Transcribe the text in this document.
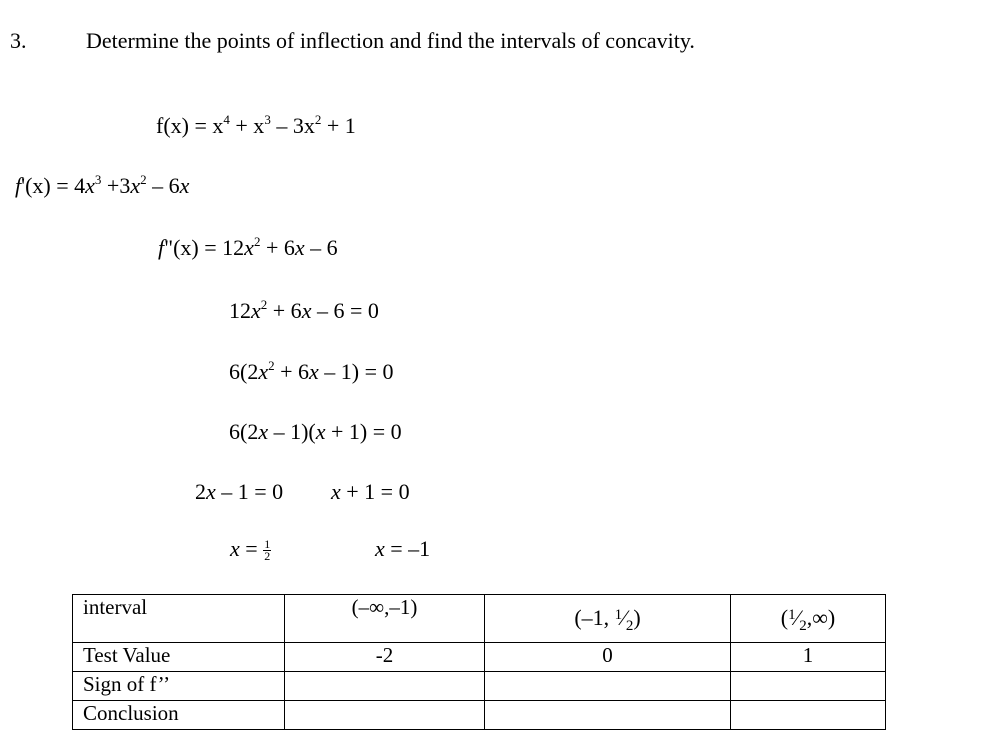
3.	Determine the points of inflection and find the intervals of concavity.
$f(x) = x^4 + x^3 - 3x^2 + 1$
$f'(x) = 4x^3 +3x^2 - 6x$
f"(x) = $12x^2 + 6x - 6$
$12x^2 + 6x - 6 = 0$
$6(2x^2 + 6x - 1) = 0$
6(2x – 1)(x + 1) = 0
2x – 1 = 0 x + 1 = 0
$x = \frac{1}{2}$	x = –1
interval	(–∞,–1)	(–1, $^1⁄_2$)	$(^1⁄_2,\infty)$
Test Value	-2	0	1
Sign of f’’			
Conclusion			
